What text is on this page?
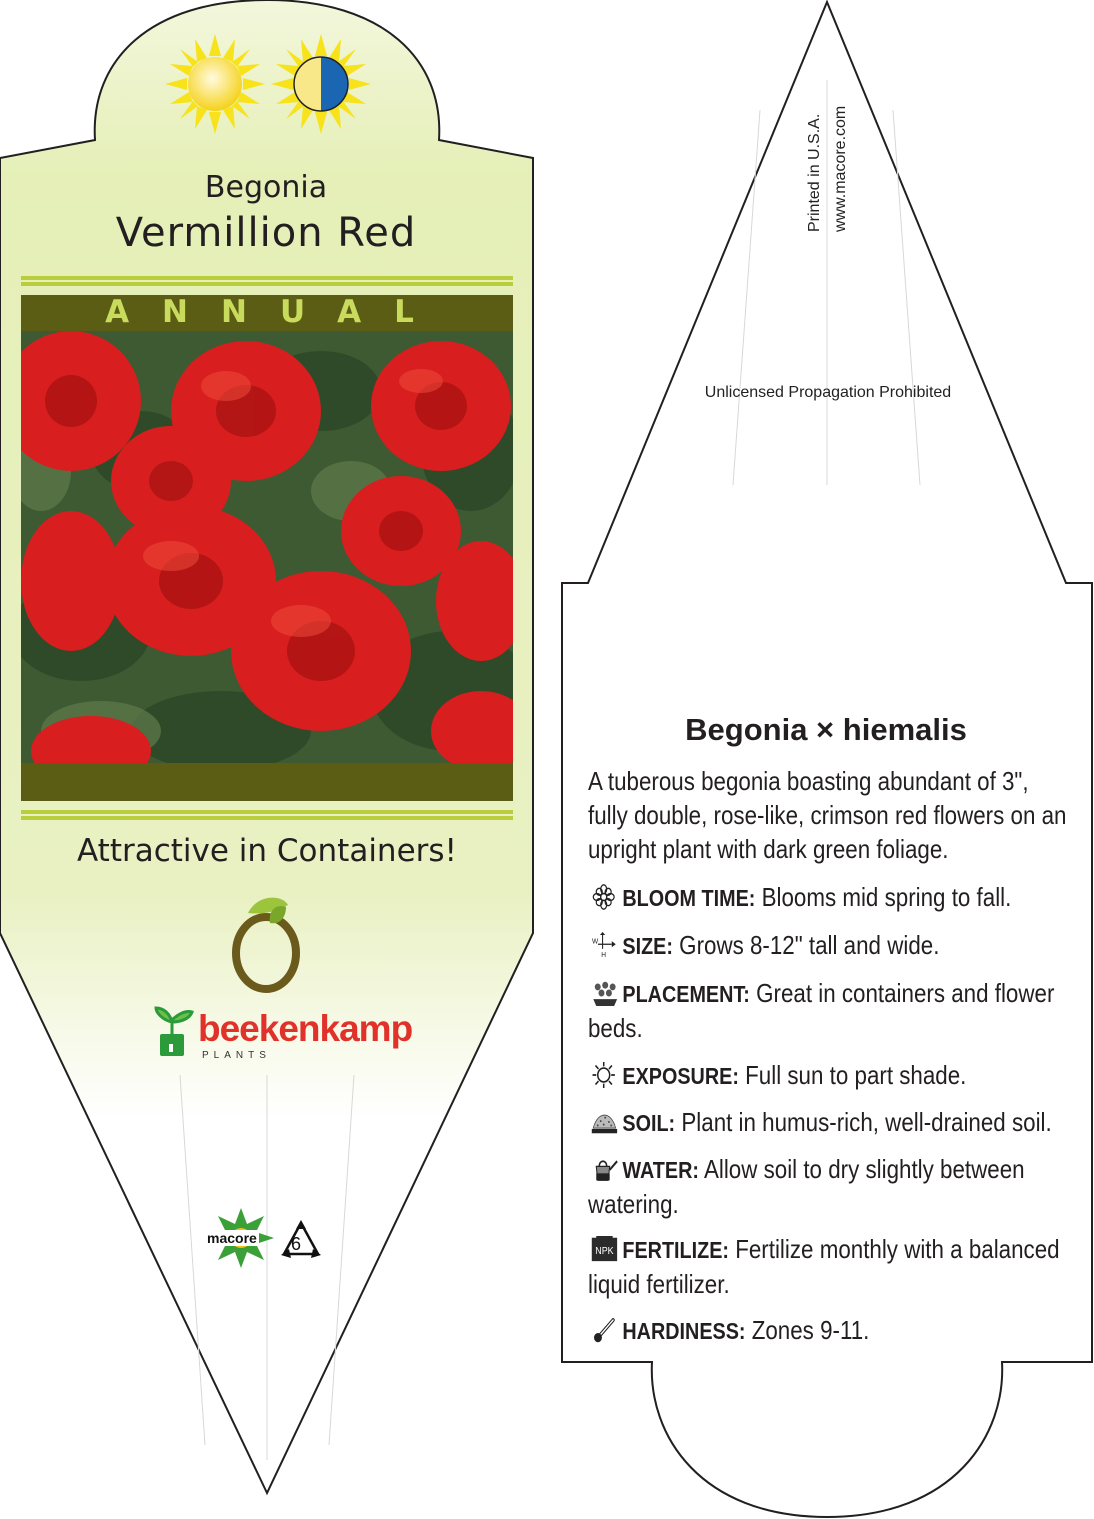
Begonia
Vermillion Red
ANNUAL
Attractive in Containers!
beekenkamp
PLANTS
macore 6
Printed in U.S.A. www.macore.com
Unlicensed Propagation Prohibited
Begonia × hiemalis
A tuberous begonia boasting abundant of 3", fully double, rose-like, crimson red flowers on an upright plant with dark green foliage.
BLOOM TIME: Blooms mid spring to fall.
W
H SIZE: Grows 8-12" tall and wide.
PLACEMENT: Great in containers and flower beds.
EXPOSURE: Full sun to part shade.
SOIL: Plant in humus-rich, well-drained soil.
WATER: Allow soil to dry slightly between watering.
NPK FERTILIZE: Fertilize monthly with a balanced liquid fertilizer.
HARDINESS: Zones 9-11.
